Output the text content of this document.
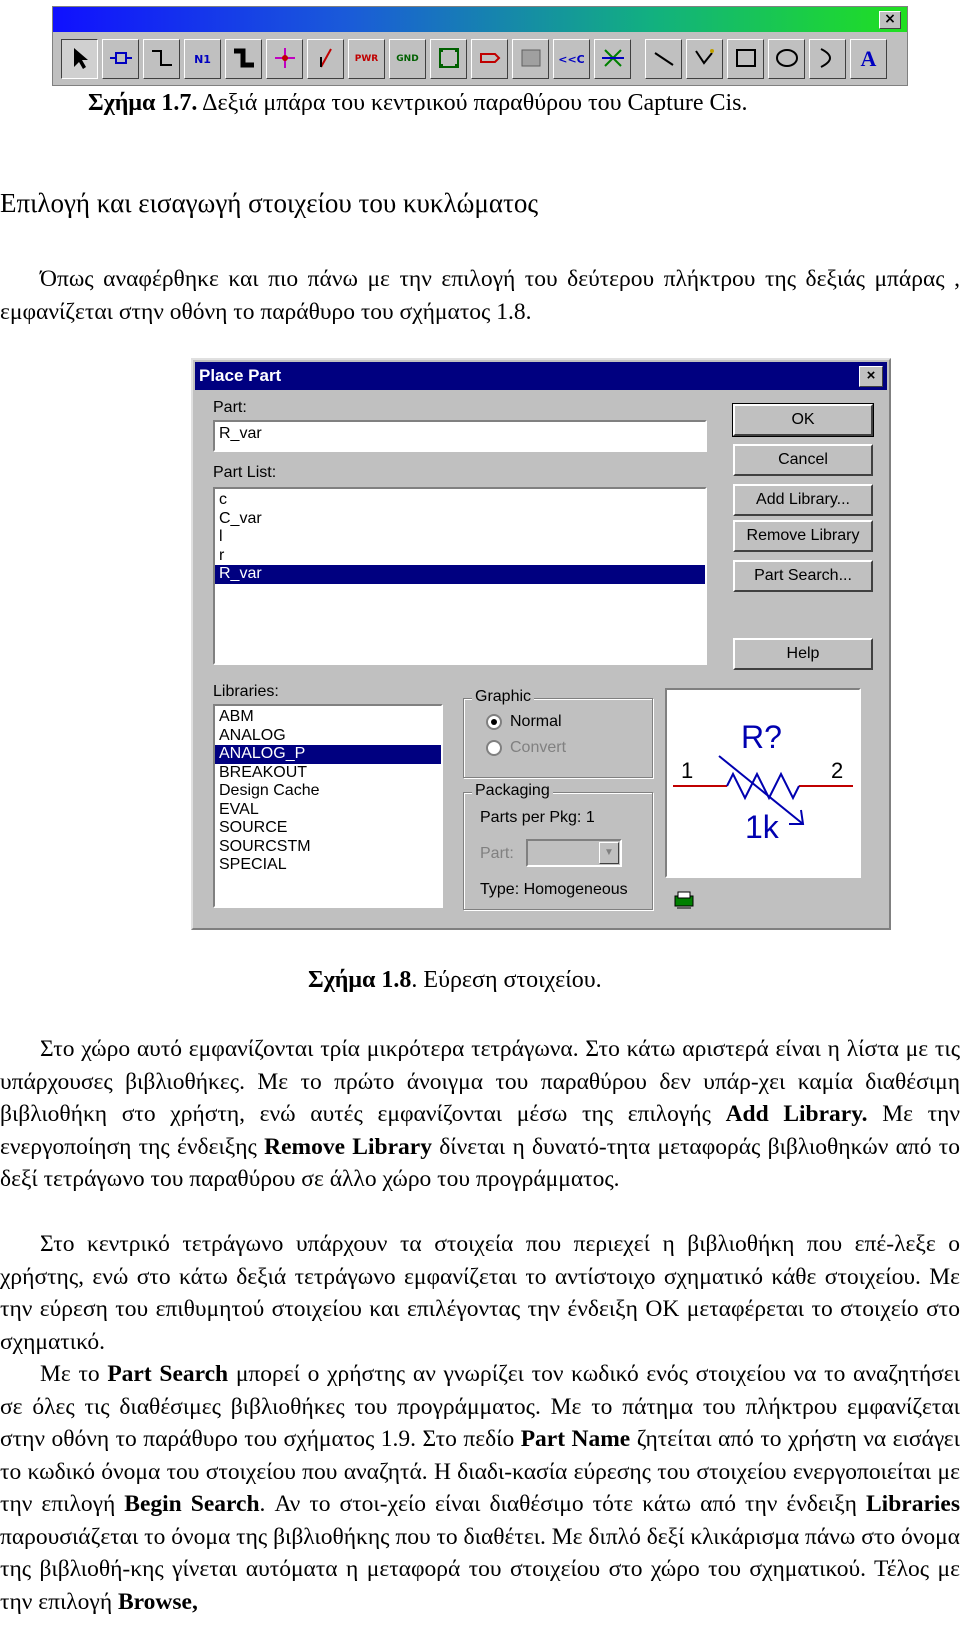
×
N1	PWR GND	<<C	A
Σχήμα 1.7. Δεξιά μπάρα του κεντρικού παραθύρου του Capture Cis.
Επιλογή και εισαγωγή στοιχείου του κυκλώματος
Όπως αναφέρθηκε και πιο πάνω με την επιλογή του δεύτερου πλήκτρου της δεξιάς μπάρας , εμφανίζεται στην οθόνη το παράθυρο του σχήματος 1.8.
Place Part	×
Part:
R_var
Part List:
c
C_var
l
r
R_var
OK
Cancel
Add Library...
Remove Library
Part Search...
Help
Libraries:
ABM
ANALOG
ANALOG_P
BREAKOUT
Design Cache
EVAL
SOURCE
SOURCSTM
SPECIAL
Graphic
Normal
Convert
Packaging
Parts per Pkg: 1
Part:	▼
Type: Homogeneous
R?
1k
1	2
Σχήμα 1.8. Εύρεση στοιχείου.
Στο χώρο αυτό εμφανίζονται τρία μικρότερα τετράγωνα. Στο κάτω αριστερά είναι η λίστα με τις υπάρχουσες βιβλιοθήκες. Με το πρώτο άνοιγμα του παραθύρου δεν υπάρ-χει καμία διαθέσιμη βιβλιοθήκη στο χρήστη, ενώ αυτές εμφανίζονται μέσω της επιλογής Add Library. Με την ενεργοποίηση της ένδειξης Remove Library δίνεται η δυνατό-τητα μεταφοράς βιβλιοθηκών από το δεξί τετράγωνο του παραθύρου σε άλλο χώρο του προγράμματος.
Στο κεντρικό τετράγωνο υπάρχουν τα στοιχεία που περιεχεί η βιβλιοθήκη που επέ-λεξε ο χρήστης, ενώ στο κάτω δεξιά τετράγωνο εμφανίζεται το αντίστοιχο σχηματικό κάθε στοιχείου. Με την εύρεση του επιθυμητού στοιχείου και επιλέγοντας την ένδειξη OK μεταφέρεται το στοιχείο στο σχηματικό.
Με το Part Search μπορεί ο χρήστης αν γνωρίζει τον κωδικό ενός στοιχείου να το αναζητήσει σε όλες τις διαθέσιμες βιβλιοθήκες του προγράμματος. Με το πάτημα του πλήκτρου εμφανίζεται στην οθόνη το παράθυρο του σχήματος 1.9. Στο πεδίο Part Name ζητείται από το χρήστη να εισάγει το κωδικό όνομα του στοιχείου που αναζητά. Η διαδι-κασία εύρεσης του στοιχείου ενεργοποιείται με την επιλογή Begin Search. Αν το στοι-χείο είναι διαθέσιμο τότε κάτω από την ένδειξη Libraries παρουσιάζεται το όνομα της βιβλιοθήκης που το διαθέτει. Με διπλό δεξί κλικάρισμα πάνω στο όνομα της βιβλιοθή-κης γίνεται αυτόματα η μεταφορά του στοιχείου στο χώρο του σχηματικού. Τέλος με την επιλογή Browse,
